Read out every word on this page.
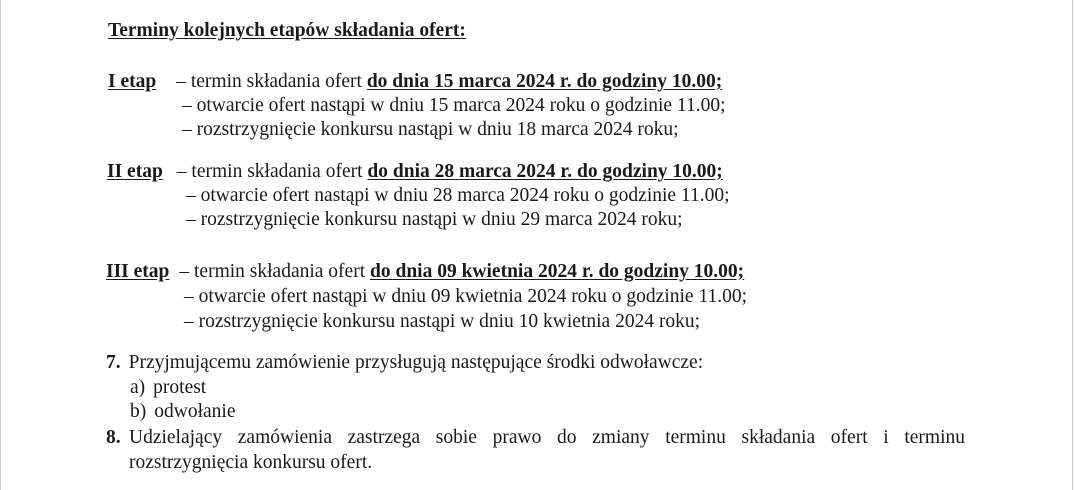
Terminy kolejnych etapów składania ofert:
I etap – termin składania ofert do dnia 15 marca 2024 r. do godziny 10.00;
– otwarcie ofert nastąpi w dniu 15 marca 2024 roku o godzinie 11.00;
– rozstrzygnięcie konkursu nastąpi w dniu 18 marca 2024 roku;
II etap – termin składania ofert do dnia 28 marca 2024 r. do godziny 10.00;
– otwarcie ofert nastąpi w dniu 28 marca 2024 roku o godzinie 11.00;
– rozstrzygnięcie konkursu nastąpi w dniu 29 marca 2024 roku;
III etap – termin składania ofert do dnia 09 kwietnia 2024 r. do godziny 10.00;
– otwarcie ofert nastąpi w dniu 09 kwietnia 2024 roku o godzinie 11.00;
– rozstrzygnięcie konkursu nastąpi w dniu 10 kwietnia 2024 roku;
7. Przyjmującemu zamówienie przysługują następujące środki odwoławcze:
a) protest
b) odwołanie
8. Udzielający zamówienia zastrzega sobie prawo do zmiany terminu składania ofert i terminu
rozstrzygnięcia konkursu ofert.
